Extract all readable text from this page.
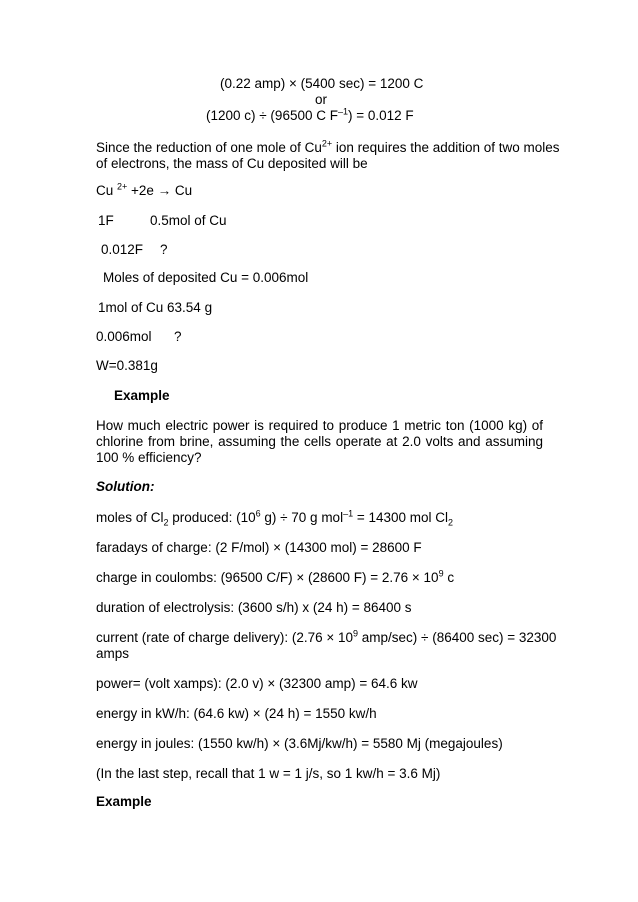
(0.22 amp) × (5400 sec) = 1200 C
or
(1200 c) ÷ (96500 C $F^{-1}) = 0.012$ F
Since the reduction of one mole of $Cu^{2+}$ ion requires the addition of two moles
of electrons, the mass of Cu deposited will be
Cu $^{2+}$ +2e → Cu
1F	0.5mol of Cu
0.012F ?
Moles of deposited Cu = 0.006mol
1mol of Cu 63.54 g
0.006mol ?
W=0.381g
Example
How much electric power is required to produce 1 metric ton (1000 kg) of chlorine from brine, assuming the cells operate at 2.0 volts and assuming 100 % efficiency?
Solution:
moles of $Cl_2$ produced: ($10^6$ g) ÷ 70 g mol$^{-1}$ = 14300 mol $Cl_2$
faradays of charge: (2 F/mol) × (14300 mol) = 28600 F
charge in coulombs: (96500 C/F) × (28600 $F) = 2.76 \times 10^9$ c
duration of electrolysis: (3600 s/h) x (24 h) = 86400 s
current (rate of charge delivery): ($2.76 \times 10^9$ amp/sec) ÷ (86400 sec) = 32300
amps
power= (volt xamps): (2.0 v) × (32300 amp) = 64.6 kw
energy in kW/h: (64.6 kw) × (24 h) = 1550 kw/h
energy in joules: (1550 kw/h) × (3.6Mj/kw/h) = 5580 Mj (megajoules)
(In the last step, recall that 1 w = 1 j/s, so 1 kw/h = 3.6 Mj)
Example
